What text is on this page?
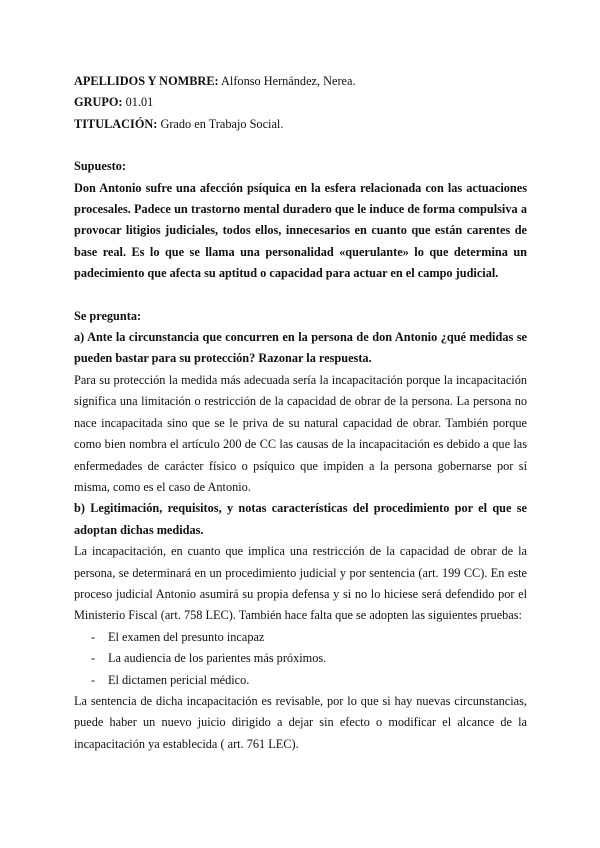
APELLIDOS Y NOMBRE: Alfonso Hernández, Nerea.
GRUPO: 01.01
TITULACIÓN: Grado en Trabajo Social.
Supuesto:
Don Antonio sufre una afección psíquica en la esfera relacionada con las actuaciones procesales. Padece un trastorno mental duradero que le induce de forma compulsiva a provocar litigios judiciales, todos ellos, innecesarios en cuanto que están carentes de base real. Es lo que se llama una personalidad «querulante» lo que determina un padecimiento que afecta su aptitud o capacidad para actuar en el campo judicial.
Se pregunta:
a) Ante la circunstancia que concurren en la persona de don Antonio ¿qué medidas se pueden bastar para su protección? Razonar la respuesta.
Para su protección la medida más adecuada sería la incapacitación porque la incapacitación significa una limitación o restricción de la capacidad de obrar de la persona. La persona no nace incapacitada sino que se le priva de su natural capacidad de obrar. También porque como bien nombra el artículo 200 de CC las causas de la incapacitación es debido a que las enfermedades de carácter físico o psíquico que impiden a la persona gobernarse por sí misma, como es el caso de Antonio.
b) Legitimación, requisitos, y notas características del procedimiento por el que se adoptan dichas medidas.
La incapacitación, en cuanto que implica una restricción de la capacidad de obrar de la persona, se determinará en un procedimiento judicial y por sentencia (art. 199 CC). En este proceso judicial Antonio asumirá su propia defensa y si no lo hiciese será defendido por el Ministerio Fiscal (art. 758 LEC). También hace falta que se adopten las siguientes pruebas:
- El examen del presunto incapaz
- La audiencia de los parientes más próximos.
- El dictamen pericial médico.
La sentencia de dicha incapacitación es revisable, por lo que si hay nuevas circunstancias, puede haber un nuevo juicio dirigido a dejar sin efecto o modificar el alcance de la incapacitación ya establecida ( art. 761 LEC).
